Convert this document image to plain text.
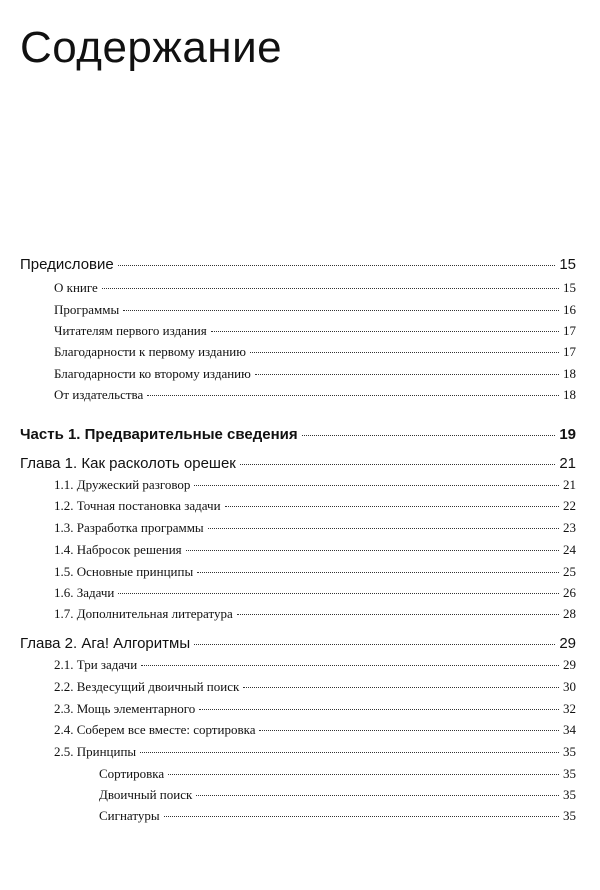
Содержание
Предисловие	15
О книге	15
Программы	16
Читателям первого издания	17
Благодарности к первому изданию	17
Благодарности ко второму изданию	18
От издательства	18
Часть 1. Предварительные сведения	19
Глава 1. Как расколоть орешек	21
1.1. Дружеский разговор	21
1.2. Точная постановка задачи	22
1.3. Разработка программы	23
1.4. Набросок решения	24
1.5. Основные принципы	25
1.6. Задачи	26
1.7. Дополнительная литература	28
Глава 2. Ага! Алгоритмы	29
2.1. Три задачи	29
2.2. Вездесущий двоичный поиск	30
2.3. Мощь элементарного	32
2.4. Соберем все вместе: сортировка	34
2.5. Принципы	35
Сортировка	35
Двоичный поиск	35
Сигнатуры	35
